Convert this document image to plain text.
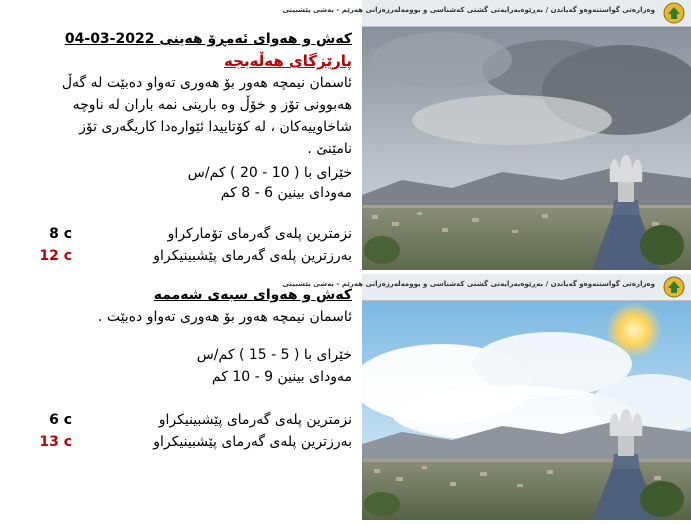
کەش و هەوای ئەمڕۆ هەینی 2022-03-04
پارێزگای هەڵەبجە
ئاسمان نیمچە هەور بۆ هەوری تەواو دەبێت لە گەڵ
هەبوونی تۆز و خۆڵ وە بارینی نمە باران لە ناوچە
شاخاوییەکان ، لە کۆتاییدا ئێوارەدا کاریگەری تۆز
نامێنێ .
خێرای با ( 10 - 20 ) کم/س
مەودای بینین 6 - 8 کم
نزمترین پلەی گەرمای تۆمارکراو
8 c
بەرزترین پلەی گەرمای پێشبینیکراو
12 c
کەش و هەوای سبەی شەممە
ئاسمان نیمچە هەور بۆ هەوری تەواو دەبێت .
خێرای با ( 5 - 15 ) کم/س
مەودای بینین 9 - 10 کم
نزمترین پلەی گەرمای پێشبینیکراو
6 c
بەرزترین پلەی گەرمای پێشبینیکراو
13 c
وەزارەتی گواستنەوەو گەیاندن / بەڕێوەبەرایەتی گشتی کەشناسی و بوومەلەرزەزانی هەرێم - بەشی پێشبینی
وەزارەتی گواستنەوەو گەیاندن / بەڕێوەبەرایەتی گشتی کەشناسی و بوومەلەرزەزانی هەرێم - بەشی پێشبینی
